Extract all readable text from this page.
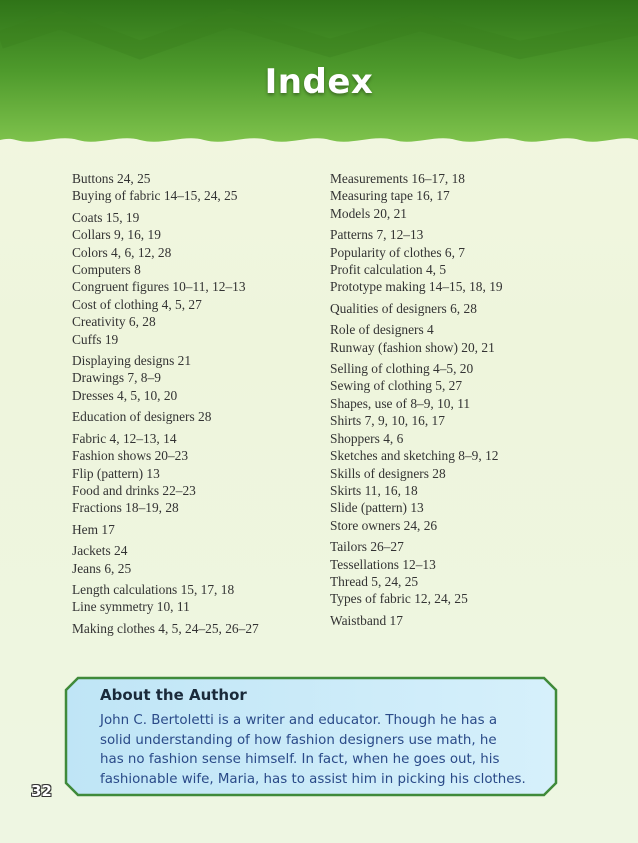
Index
Buttons 24, 25
Buying of fabric 14–15, 24, 25
Coats 15, 19
Collars 9, 16, 19
Colors 4, 6, 12, 28
Computers 8
Congruent figures 10–11, 12–13
Cost of clothing 4, 5, 27
Creativity 6, 28
Cuffs 19
Displaying designs 21
Drawings 7, 8–9
Dresses 4, 5, 10, 20
Education of designers 28
Fabric 4, 12–13, 14
Fashion shows 20–23
Flip (pattern) 13
Food and drinks 22–23
Fractions 18–19, 28
Hem 17
Jackets 24
Jeans 6, 25
Length calculations 15, 17, 18
Line symmetry 10, 11
Making clothes 4, 5, 24–25, 26–27
Measurements 16–17, 18
Measuring tape 16, 17
Models 20, 21
Patterns 7, 12–13
Popularity of clothes 6, 7
Profit calculation 4, 5
Prototype making 14–15, 18, 19
Qualities of designers 6, 28
Role of designers 4
Runway (fashion show) 20, 21
Selling of clothing 4–5, 20
Sewing of clothing 5, 27
Shapes, use of 8–9, 10, 11
Shirts 7, 9, 10, 16, 17
Shoppers 4, 6
Sketches and sketching 8–9, 12
Skills of designers 28
Skirts 11, 16, 18
Slide (pattern) 13
Store owners 24, 26
Tailors 26–27
Tessellations 12–13
Thread 5, 24, 25
Types of fabric 12, 24, 25
Waistband 17
About the Author
John C. Bertoletti is a writer and educator. Though he has a
solid understanding of how fashion designers use math, he
has no fashion sense himself. In fact, when he goes out, his
fashionable wife, Maria, has to assist him in picking his clothes.
32
